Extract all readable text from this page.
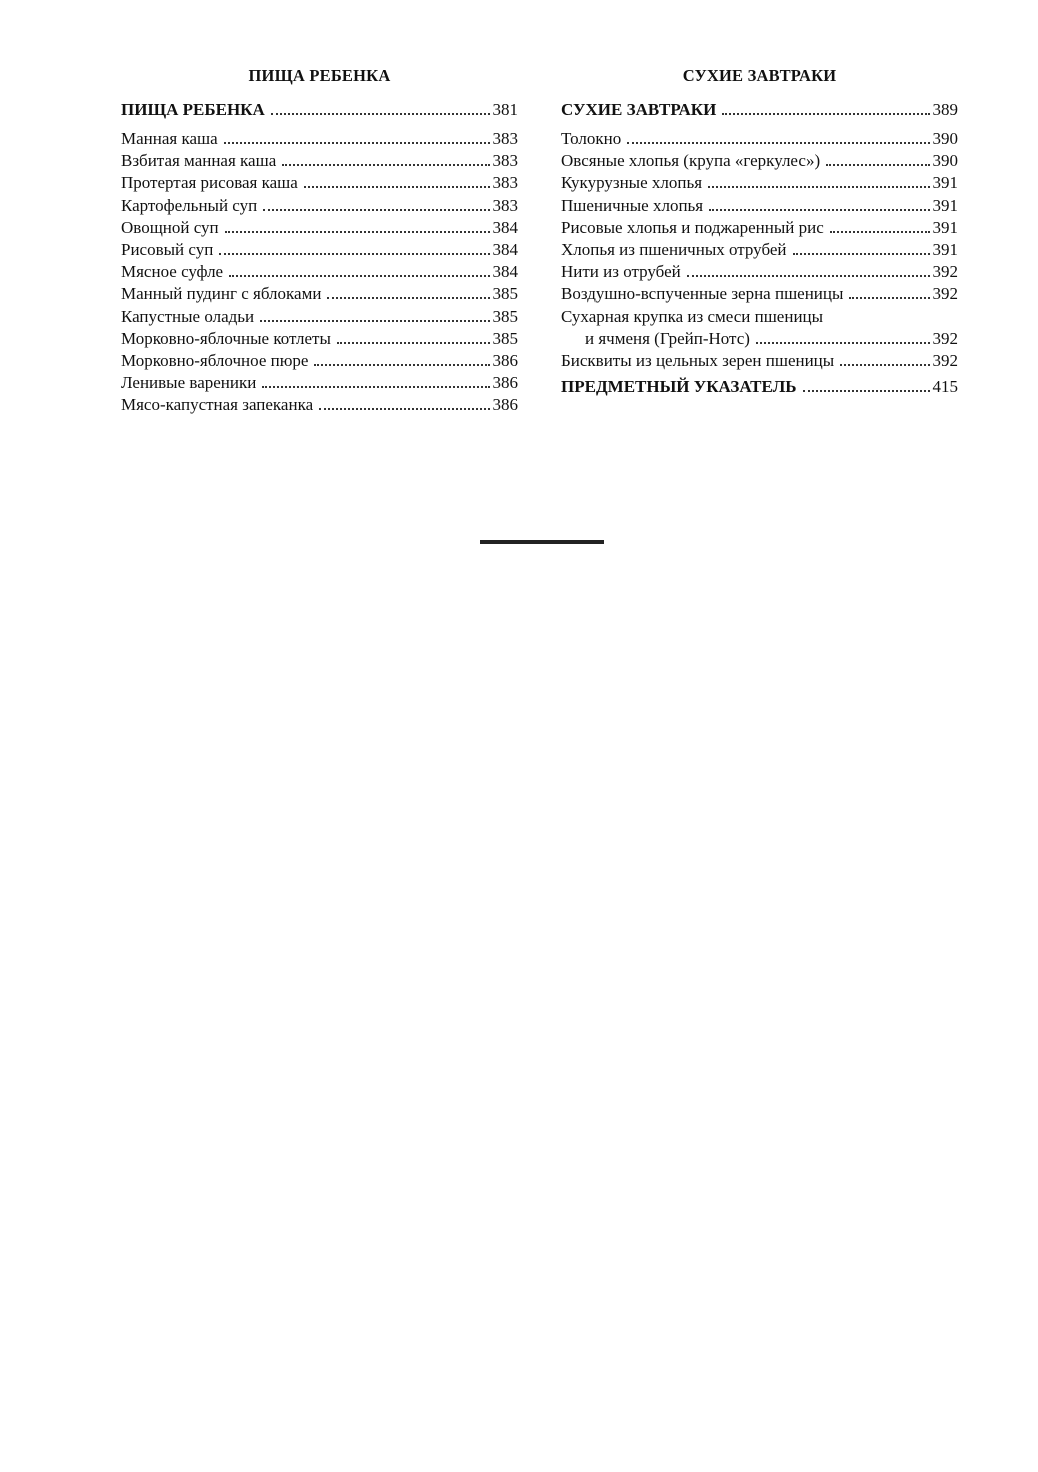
ПИЩА РЕБЕНКА
ПИЩА РЕБЕНКА	381
Манная каша	383
Взбитая манная каша	383
Протертая рисовая каша	383
Картофельный суп	383
Овощной суп	384
Рисовый суп	384
Мясное суфле	384
Манный пудинг с яблоками	385
Капустные оладьи	385
Морковно-яблочные котлеты	385
Морковно-яблочное пюре	386
Ленивые вареники	386
Мясо-капустная запеканка	386
СУХИЕ ЗАВТРАКИ
СУХИЕ ЗАВТРАКИ	389
Толокно	390
Овсяные хлопья (крупа «геркулес»)	390
Кукурузные хлопья	391
Пшеничные хлопья	391
Рисовые хлопья и поджаренный рис	391
Хлопья из пшеничных отрубей	391
Нити из отрубей	392
Воздушно-вспученные зерна пшеницы	392
Сухарная крупка из смеси пшеницы
и ячменя (Грейп-Нотс)	392
Бисквиты из цельных зерен пшеницы	392
ПРЕДМЕТНЫЙ УКАЗАТЕЛЬ	415
